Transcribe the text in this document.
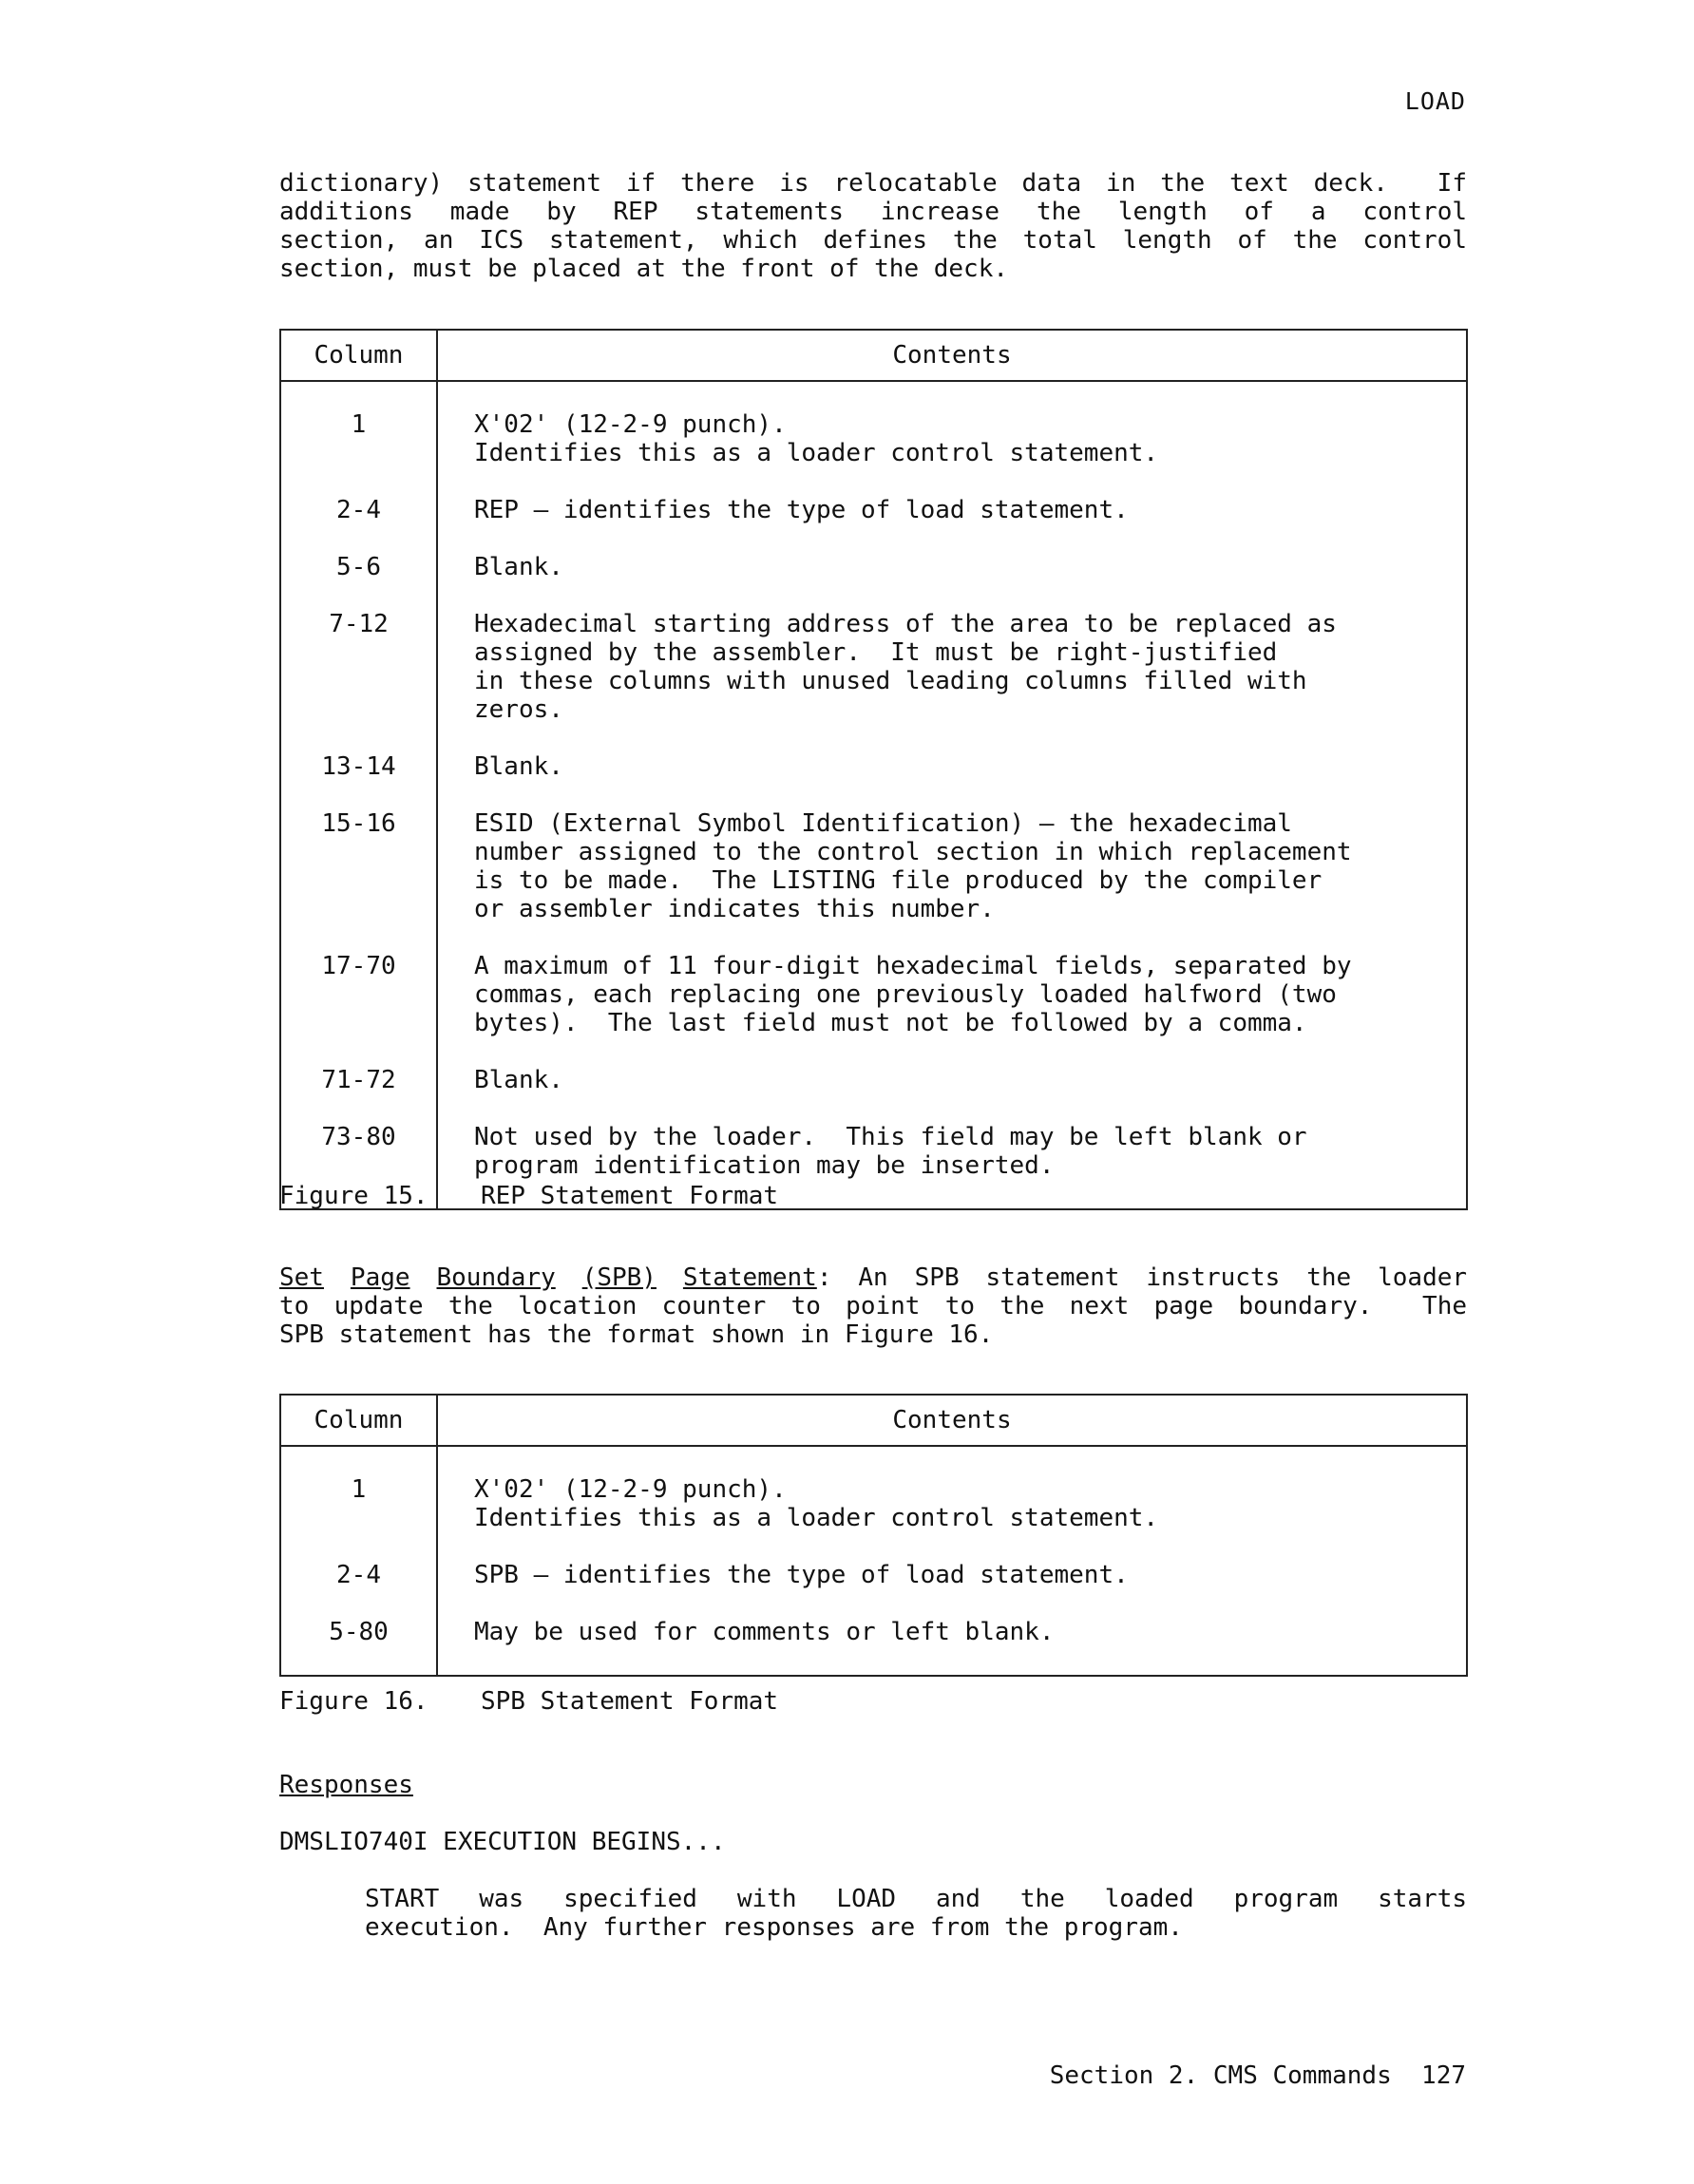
LOAD
dictionary) statement if there is relocatable data in the text deck.  If
additions made by REP statements increase the length of a control
section, an ICS statement, which defines the total length of the control
section, must be placed at the front of the deck.
Column	Contents
1	X'02' (12-2-9 punch).
Identifies this as a loader control statement.
2-4	REP — identifies the type of load statement.
5-6	Blank.
7-12	Hexadecimal starting address of the area to be replaced as
assigned by the assembler.  It must be right-justified
in these columns with unused leading columns filled with
zeros.
13-14	Blank.
15-16	ESID (External Symbol Identification) — the hexadecimal
number assigned to the control section in which replacement
is to be made.  The LISTING file produced by the compiler
or assembler indicates this number.
17-70	A maximum of 11 four-digit hexadecimal fields, separated by
commas, each replacing one previously loaded halfword (two
bytes).  The last field must not be followed by a comma.
71-72	Blank.
73-80	Not used by the loader.  This field may be left blank or
program identification may be inserted.
Figure 15. REP Statement Format
Set Page Boundary (SPB) Statement: An SPB statement instructs the loader
to update the location counter to point to the next page boundary.  The
SPB statement has the format shown in Figure 16.
Column	Contents
1	X'02' (12-2-9 punch).
Identifies this as a loader control statement.
2-4	SPB — identifies the type of load statement.
5-80	May be used for comments or left blank.
Figure 16. SPB Statement Format
Responses
DMSLIO740I EXECUTION BEGINS...
START was specified with LOAD and the loaded program starts
execution.  Any further responses are from the program.
Section 2. CMS Commands  127
